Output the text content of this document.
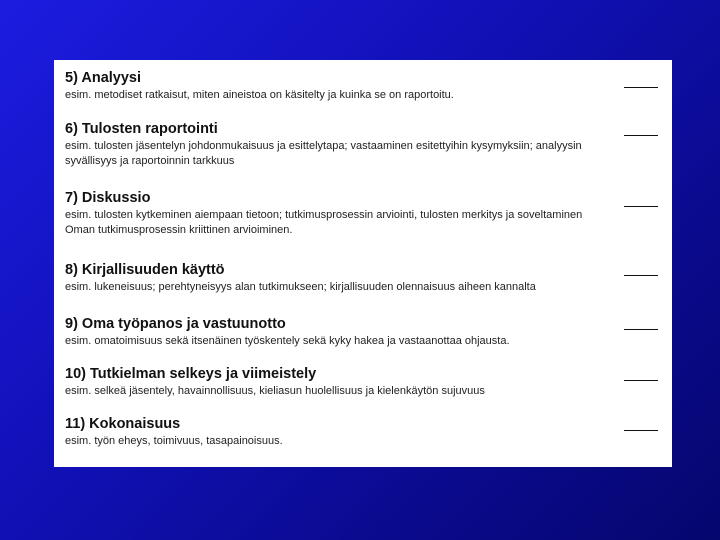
5) Analyysi
esim. metodiset ratkaisut, miten aineistoa on käsitelty ja kuinka se on raportoitu.
6) Tulosten raportointi
esim. tulosten jäsentelyn johdonmukaisuus ja esittelytapa; vastaaminen esitettyihin kysymyksiin; analyysin
syvällisyys ja raportoinnin tarkkuus
7) Diskussio
esim. tulosten kytkeminen aiempaan tietoon; tutkimusprosessin arviointi, tulosten merkitys ja soveltaminen
Oman tutkimusprosessin kriittinen arvioiminen.
8) Kirjallisuuden käyttö
esim. lukeneisuus; perehtyneisyys alan tutkimukseen; kirjallisuuden olennaisuus aiheen kannalta
9) Oma työpanos ja vastuunotto
esim. omatoimisuus sekä itsenäinen työskentely sekä kyky hakea ja vastaanottaa ohjausta.
10) Tutkielman selkeys ja viimeistely
esim. selkeä jäsentely, havainnollisuus, kieliasun huolellisuus ja kielenkäytön sujuvuus
11) Kokonaisuus
esim. työn eheys, toimivuus, tasapainoisuus.
